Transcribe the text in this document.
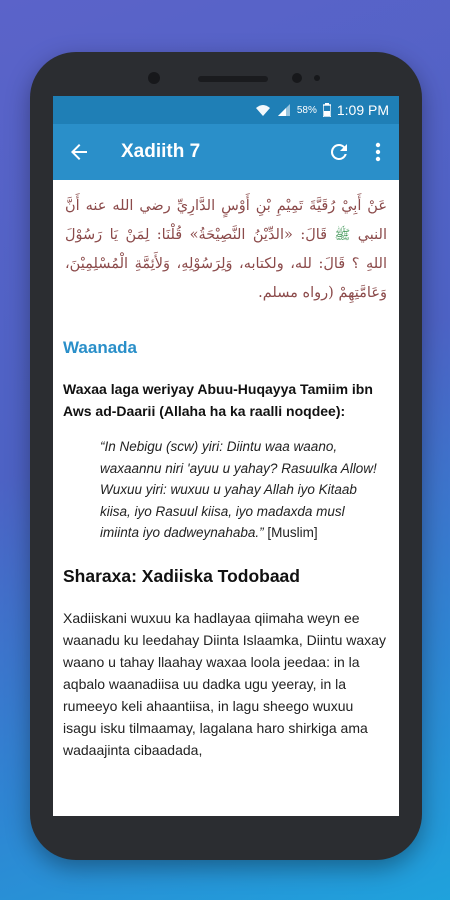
58% 1:09 PM
Xadiith 7
عَنْ أَبِيْ رُقَيَّةَ تَمِيْمِ بْنِ أَوْسٍ الدَّارِيِّ رضي الله عنه أَنَّ النبي ﷺ قَالَ: «الدِّيْنُ النَّصِيْحَةُ» قُلْنَا: لِمَنْ يَا رَسُوْلَ اللهِ ؟ قَالَ: لله، ولكتابه، وَلِرَسُوْلِهِ، وَلأَئِمَّةِ الْمُسْلِمِيْنَ، وَعَامَّتِهِمْ (رواه مسلم.
Waanada
Waxaa laga weriyay Abuu-Huqayya Tamiim ibn Aws ad-Daarii (Allaha ha ka raalli noqdee):
“In Nebigu (scw) yiri: Diintu waa waano, waxaannu niri 'ayuu u yahay? Rasuulka Allow! Wuxuu yiri: wuxuu u yahay Allah iyo Kitaab kiisa, iyo Rasuul kiisa, iyo madaxda musl imiinta iyo dadweynahaba.” [Muslim]
Sharaxa: Xadiiska Todobaad
Xadiiskani wuxuu ka hadlayaa qiimaha weyn ee waanadu ku leedahay Diinta Islaamka, Diintu waxay waano u tahay llaahay waxaa loola jeedaa: in la aqbalo waanadiisa uu dadka ugu yeeray, in la rumeeyo keli ahaantiisa, in lagu sheego wuxuu isagu isku tilmaamay, lagalana haro shirkiga ama wadaajinta cibaadada,
